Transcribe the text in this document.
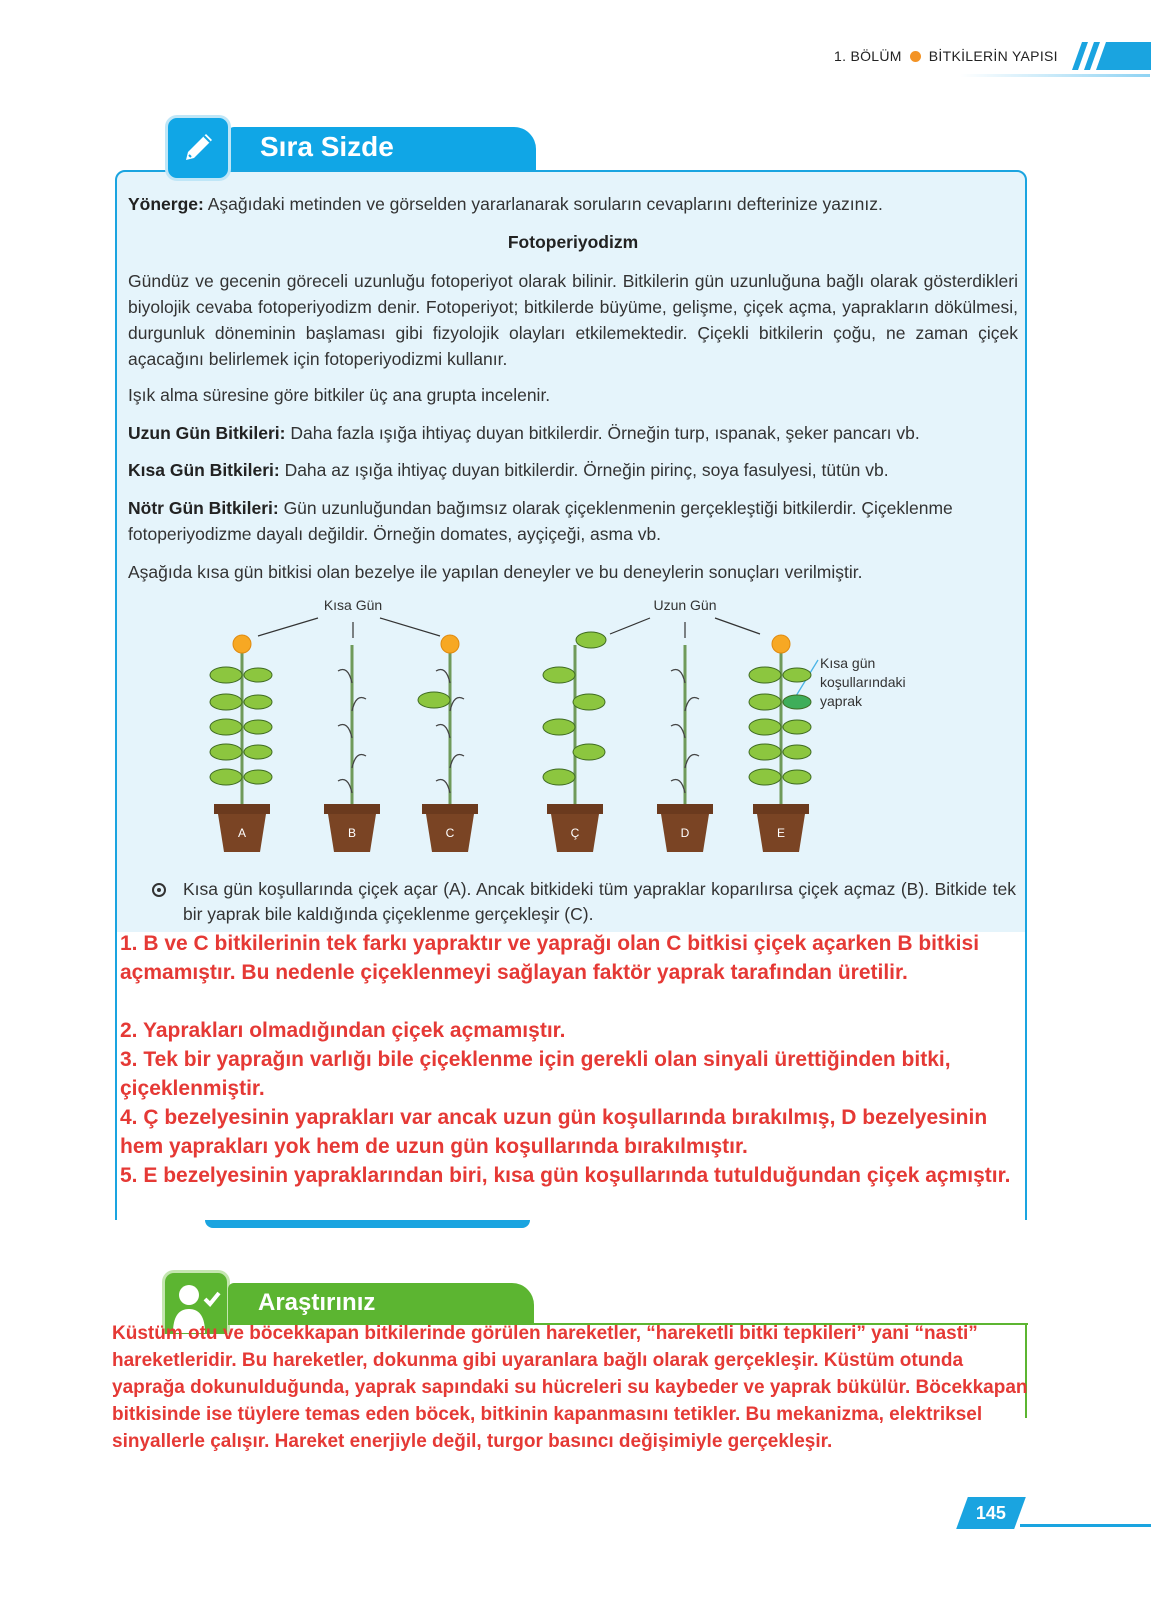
1. BÖLÜM BİTKİLERİN YAPISI
Sıra Sizde
Yönerge: Aşağıdaki metinden ve görselden yararlanarak soruların cevaplarını defterinize yazınız.
Fotoperiyodizm
Gündüz ve gecenin göreceli uzunluğu fotoperiyot olarak bilinir. Bitkilerin gün uzunluğuna bağlı olarak gösterdikleri biyolojik cevaba fotoperiyodizm denir. Fotoperiyot; bitkilerde büyüme, gelişme, çiçek açma, yaprakların dökülmesi, durgunluk döneminin başlaması gibi fizyolojik olayları etkilemektedir. Çiçekli bitkilerin çoğu, ne zaman çiçek açacağını belirlemek için fotoperiyodizmi kullanır.
Işık alma süresine göre bitkiler üç ana grupta incelenir.
Uzun Gün Bitkileri: Daha fazla ışığa ihtiyaç duyan bitkilerdir. Örneğin turp, ıspanak, şeker pancarı vb.
Kısa Gün Bitkileri: Daha az ışığa ihtiyaç duyan bitkilerdir. Örneğin pirinç, soya fasulyesi, tütün vb.
Nötr Gün Bitkileri: Gün uzunluğundan bağımsız olarak çiçeklenmenin gerçekleştiği bitkilerdir. Çiçeklenme fotoperiyodizme dayalı değildir. Örneğin domates, ayçiçeği, asma vb.
Aşağıda kısa gün bitkisi olan bezelye ile yapılan deneyler ve bu deneylerin sonuçları verilmiştir.
Kısa Gün	Uzun Gün
Kısa gün
koşullarındaki
yaprak
A	B	C	Ç	D	E
Kısa gün koşullarında çiçek açar (A). Ancak bitkideki tüm yapraklar koparılırsa çiçek açmaz (B). Bitkide tek bir yaprak bile kaldığında çiçeklenme gerçekleşir (C).

1. B ve C bitkilerinin tek farkı yapraktır ve yaprağı olan C bitkisi çiçek açarken B bitkisi açmamıştır. Bu nedenle çiçeklenmeyi sağlayan faktör yaprak tarafından üretilir.

2. Yaprakları olmadığından çiçek açmamıştır.

3. Tek bir yaprağın varlığı bile çiçeklenme için gerekli olan sinyali ürettiğinden bitki, çiçeklenmiştir.

4. Ç bezelyesinin yaprakları var ancak uzun gün koşullarında bırakılmış, D bezelyesinin hem yaprakları yok hem de uzun gün koşullarında bırakılmıştır.

5. E bezelyesinin yapraklarından biri, kısa gün koşullarında tutulduğundan çiçek açmıştır.

Araştırınız
Küstüm otu ve böcekkapan bitkilerinde görülen hareketler, “hareketli bitki tepkileri” yani “nasti” hareketleridir. Bu hareketler, dokunma gibi uyaranlara bağlı olarak gerçekleşir. Küstüm otunda yaprağa dokunulduğunda, yaprak sapındaki su hücreleri su kaybeder ve yaprak bükülür. Böcekkapan bitkisinde ise tüylere temas eden böcek, bitkinin kapanmasını tetikler. Bu mekanizma, elektriksel sinyallerle çalışır. Hareket enerjiyle değil, turgor basıncı değişimiyle gerçekleşir.
145
